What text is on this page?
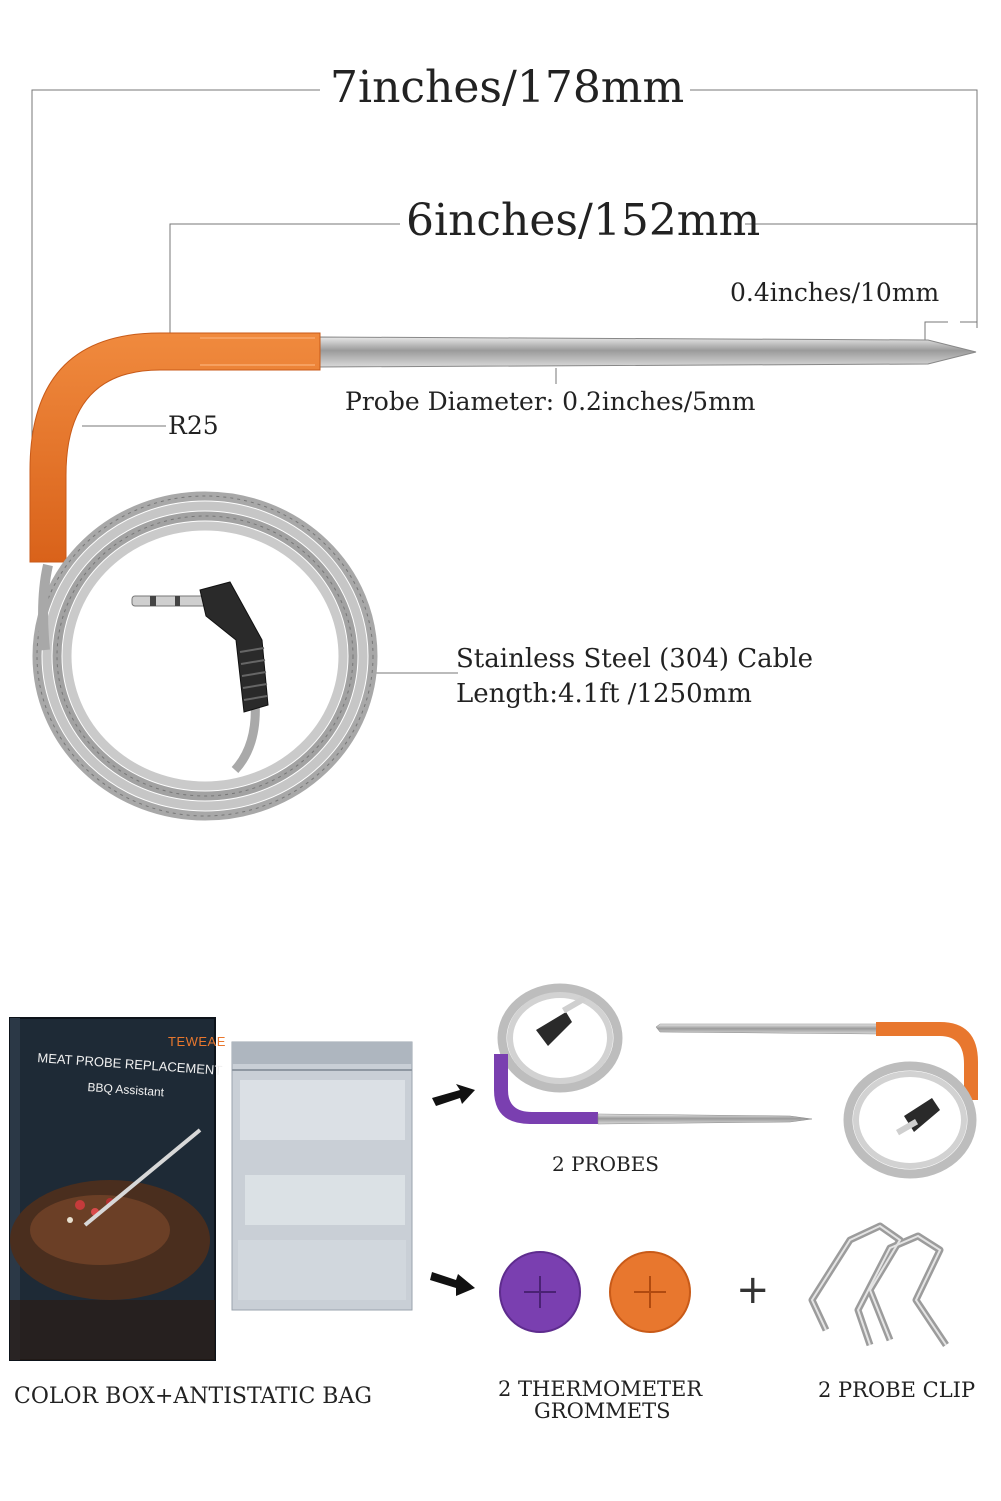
7inches/178mm
6inches/152mm
0.4inches/10mm
Probe Diameter: 0.2inches/5mm
R25
Stainless Steel (304) Cable
Length:4.1ft /1250mm
TEWEAE
MEAT PROBE REPLACEMENT
BBQ Assistant
COLOR BOX+ANTISTATIC BAG
2 PROBES
2 THERMOMETER
GROMMETS
2 PROBE CLIP
+
